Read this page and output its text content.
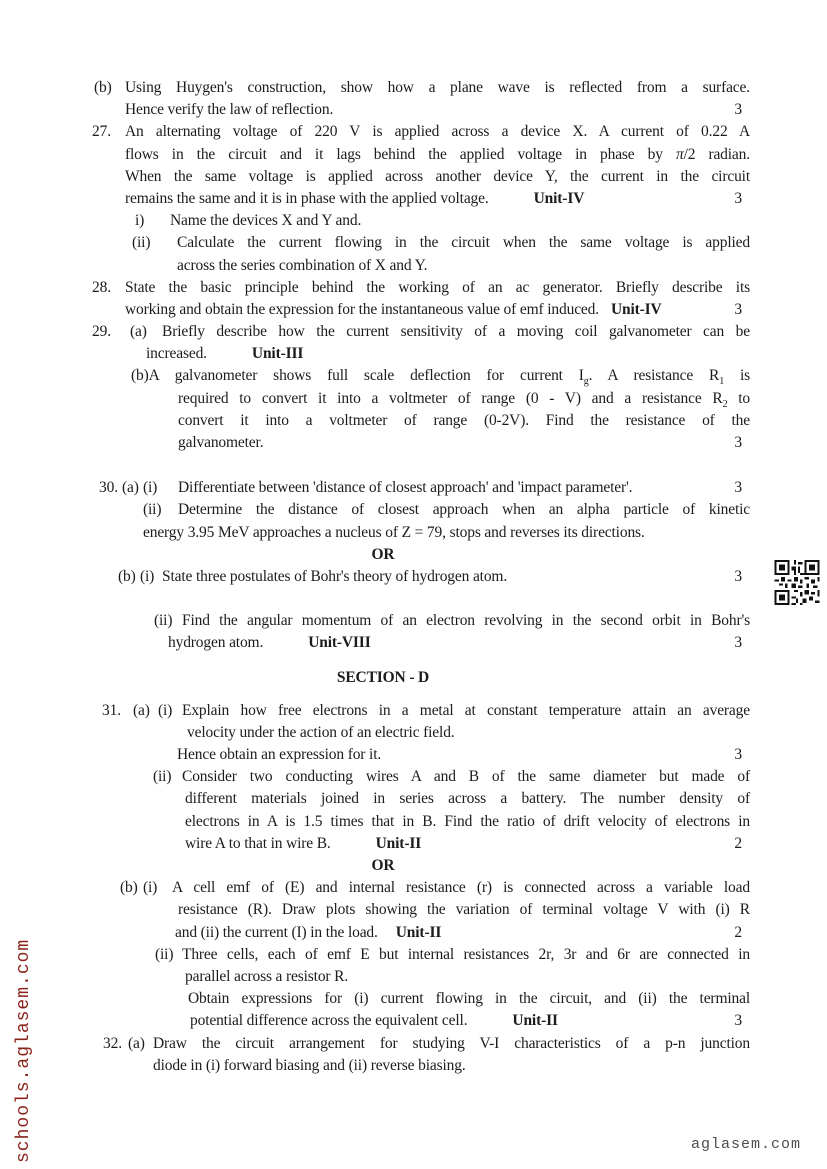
schools.aglasem.com
(b) Using Huygen's construction, show how a plane wave is reflected from a surface.
Hence verify the law of reflection.	3
27. An alternating voltage of 220 V is applied across a device X. A current of 0.22 A
flows in the circuit and it lags behind the applied voltage in phase by π/2 radian.
When the same voltage is applied across another device Y, the current in the circuit
remains the same and it is in phase with the applied voltage.	Unit-IV	3
i) Name the devices X and Y and.
(ii) Calculate the current flowing in the circuit when the same voltage is applied
across the series combination of X and Y.
28. State the basic principle behind the working of an ac generator. Briefly describe its
working and obtain the expression for the instantaneous value of emf induced. Unit-IV	3
29. (a) Briefly describe how the current sensitivity of a moving coil galvanometer can be
increased.	Unit-III
(b)A galvanometer shows full scale deflection for current $I_g$. A resistance $R_1$ is
required to convert it into a voltmeter of range (0 - V) and a resistance $R_2$ to
convert it into a voltmeter of range (0-2V). Find the resistance of the
galvanometer.	3
30. (a) (i) Differentiate between 'distance of closest approach' and 'impact parameter'.	3
(ii) Determine the distance of closest approach when an alpha particle of kinetic
energy 3.95 MeV approaches a nucleus of Z = 79, stops and reverses its directions.
OR
(b) (i) State three postulates of Bohr's theory of hydrogen atom.	3
(ii) Find the angular momentum of an electron revolving in the second orbit in Bohr's
hydrogen atom.	Unit-VIII	3
SECTION - D
31. (a) (i) Explain how free electrons in a metal at constant temperature attain an average
velocity under the action of an electric field.
Hence obtain an expression for it.	3
(ii) Consider two conducting wires A and B of the same diameter but made of
different materials joined in series across a battery. The number density of
electrons in A is 1.5 times that in B. Find the ratio of drift velocity of electrons in
wire A to that in wire B.	Unit-II	2
OR
(b) (i) A cell emf of (E) and internal resistance (r) is connected across a variable load
resistance (R). Draw plots showing the variation of terminal voltage V with (i) R
and (ii) the current (I) in the load. Unit-II	2
(ii) Three cells, each of emf E but internal resistances 2r, 3r and 6r are connected in
parallel across a resistor R.
Obtain expressions for (i) current flowing in the circuit, and (ii) the terminal
potential difference across the equivalent cell.	Unit-II	3
32. (a) Draw the circuit arrangement for studying V-I characteristics of a p-n junction
diode in (i) forward biasing and (ii) reverse biasing.
aglasem.com
